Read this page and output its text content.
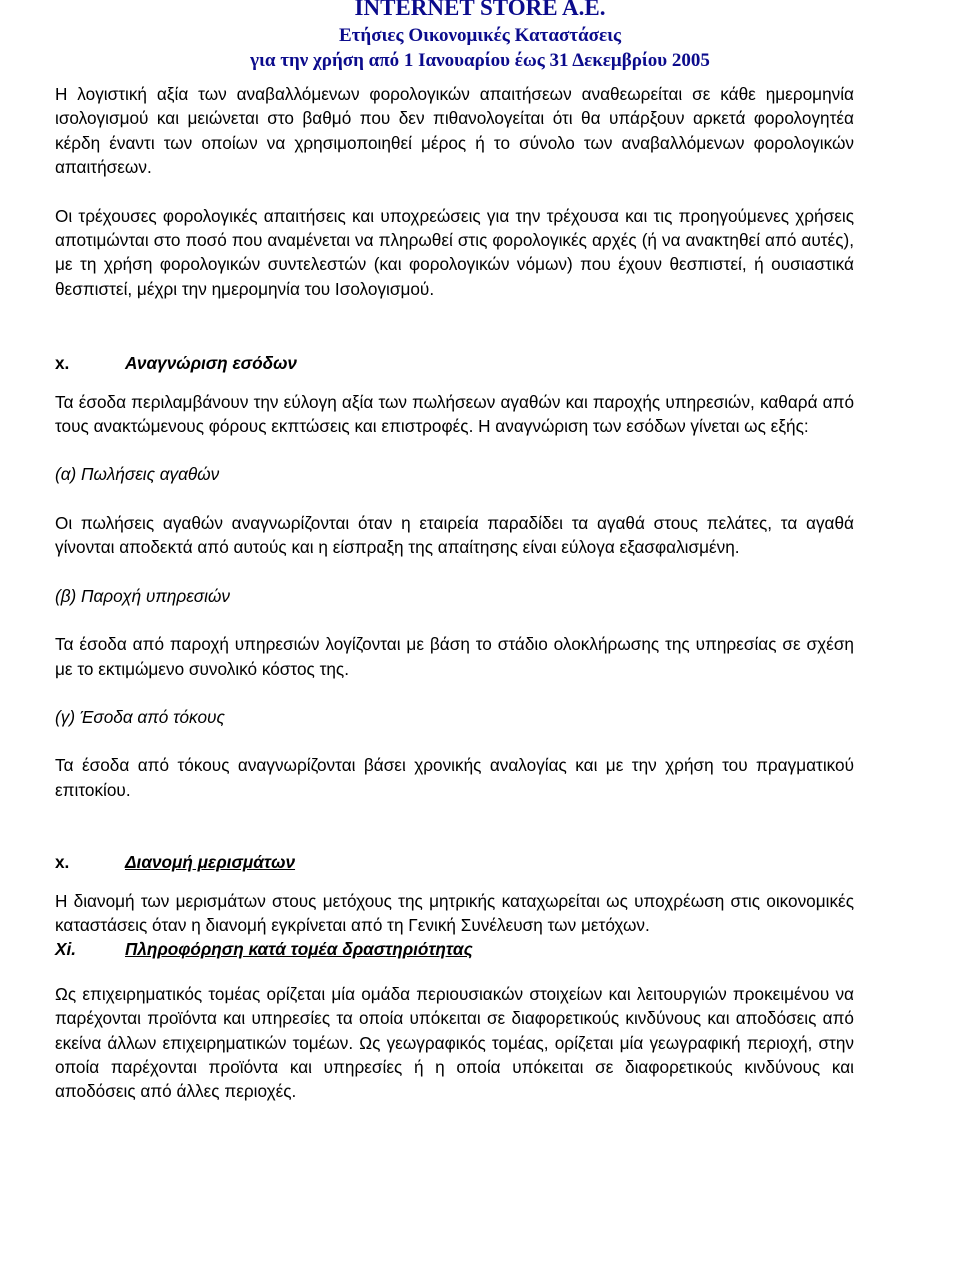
INTERNET STORE A.E.
Ετήσιες Οικονομικές Καταστάσεις
για την χρήση από 1 Ιανουαρίου έως 31 Δεκεμβρίου 2005

Η λογιστική αξία των αναβαλλόμενων φορολογικών απαιτήσεων αναθεωρείται σε κάθε ημερομηνία ισολογισμού και μειώνεται στο βαθμό που δεν πιθανολογείται ότι θα υπάρξουν αρκετά φορολογητέα κέρδη έναντι των οποίων να χρησιμοποιηθεί μέρος ή το σύνολο των αναβαλλόμενων φορολογικών απαιτήσεων.

Οι τρέχουσες φορολογικές απαιτήσεις και υποχρεώσεις για την τρέχουσα και τις προηγούμενες χρήσεις αποτιμώνται στο ποσό που αναμένεται να πληρωθεί στις φορολογικές αρχές (ή να ανακτηθεί από αυτές), με τη χρήση φορολογικών συντελεστών (και φορολογικών νόμων) που έχουν θεσπιστεί, ή ουσιαστικά θεσπιστεί, μέχρι την ημερομηνία του Ισολογισμού.

x.	Αναγνώριση εσόδων

Τα έσοδα περιλαμβάνουν την εύλογη αξία των πωλήσεων αγαθών και παροχής υπηρεσιών, καθαρά από τους ανακτώμενους φόρους εκπτώσεις και επιστροφές. Η αναγνώριση των εσόδων γίνεται ως εξής:

(α) Πωλήσεις αγαθών

Οι πωλήσεις αγαθών αναγνωρίζονται όταν η εταιρεία παραδίδει τα αγαθά στους πελάτες, τα αγαθά γίνονται αποδεκτά από αυτούς και η είσπραξη της απαίτησης είναι εύλογα εξασφαλισμένη.

(β) Παροχή υπηρεσιών

Τα έσοδα από παροχή υπηρεσιών λογίζονται με βάση το στάδιο ολοκλήρωσης της υπηρεσίας σε σχέση με το εκτιμώμενο συνολικό κόστος της.

(γ) Έσοδα από τόκους

Τα έσοδα από τόκους αναγνωρίζονται βάσει χρονικής αναλογίας και με την χρήση του πραγματικού επιτοκίου.

x.	Διανομή μερισμάτων

Η διανομή των μερισμάτων στους μετόχους της μητρικής καταχωρείται ως υποχρέωση στις οικονομικές καταστάσεις όταν η διανομή εγκρίνεται από τη Γενική Συνέλευση των μετόχων.

Xi.	Πληροφόρηση κατά τομέα δραστηριότητας

Ως επιχειρηματικός τομέας ορίζεται μία ομάδα περιουσιακών στοιχείων και λειτουργιών προκειμένου να παρέχονται προϊόντα και υπηρεσίες τα οποία υπόκειται σε διαφορετικούς κινδύνους και αποδόσεις από εκείνα άλλων επιχειρηματικών τομέων. Ως γεωγραφικός τομέας, ορίζεται μία γεωγραφική περιοχή, στην οποία παρέχονται προϊόντα και υπηρεσίες ή η οποία υπόκειται σε διαφορετικούς κινδύνους και αποδόσεις από άλλες περιοχές.
